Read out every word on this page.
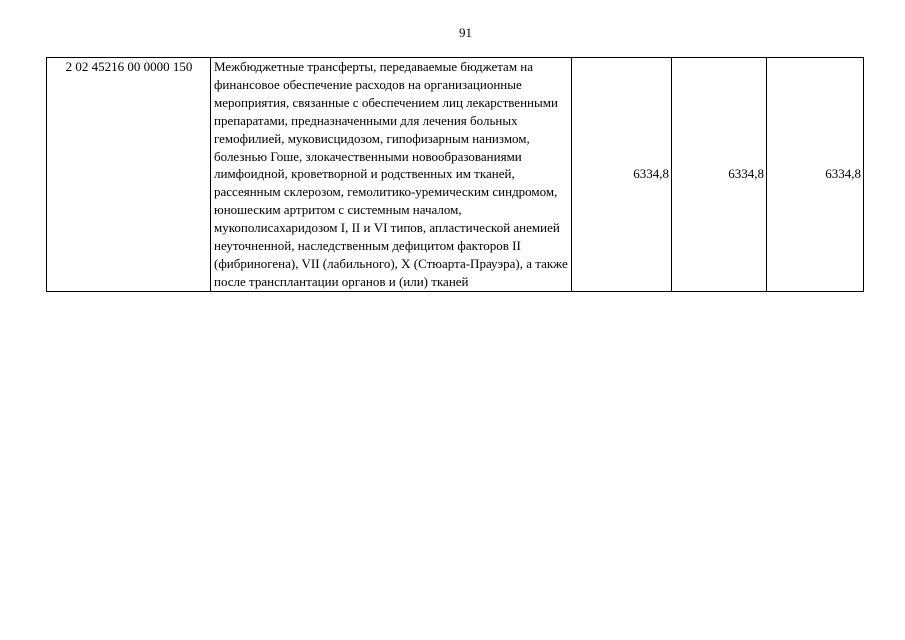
91
2 02 45216 00 0000 150	Межбюджетные трансферты, передаваемые бюджетам на финансовое обеспечение расходов на организационные мероприятия, связанные с обеспечением лиц лекарственными препаратами, предназначенными для лечения больных гемофилией, муковисцидозом, гипофизарным нанизмом, болезнью Гоше, злокачественными новообразованиями лимфоидной, кроветворной и родственных им тканей, рассеянным склерозом, гемолитико-уремическим синдромом, юношеским артритом с системным началом, мукополисахаридозом I, II и VI типов, апластической анемией неуточненной, наследственным дефицитом факторов II (фибриногена), VII (лабильного), X (Стюарта-Прауэра), а также после трансплантации органов и (или) тканей	6334,8	6334,8	6334,8
